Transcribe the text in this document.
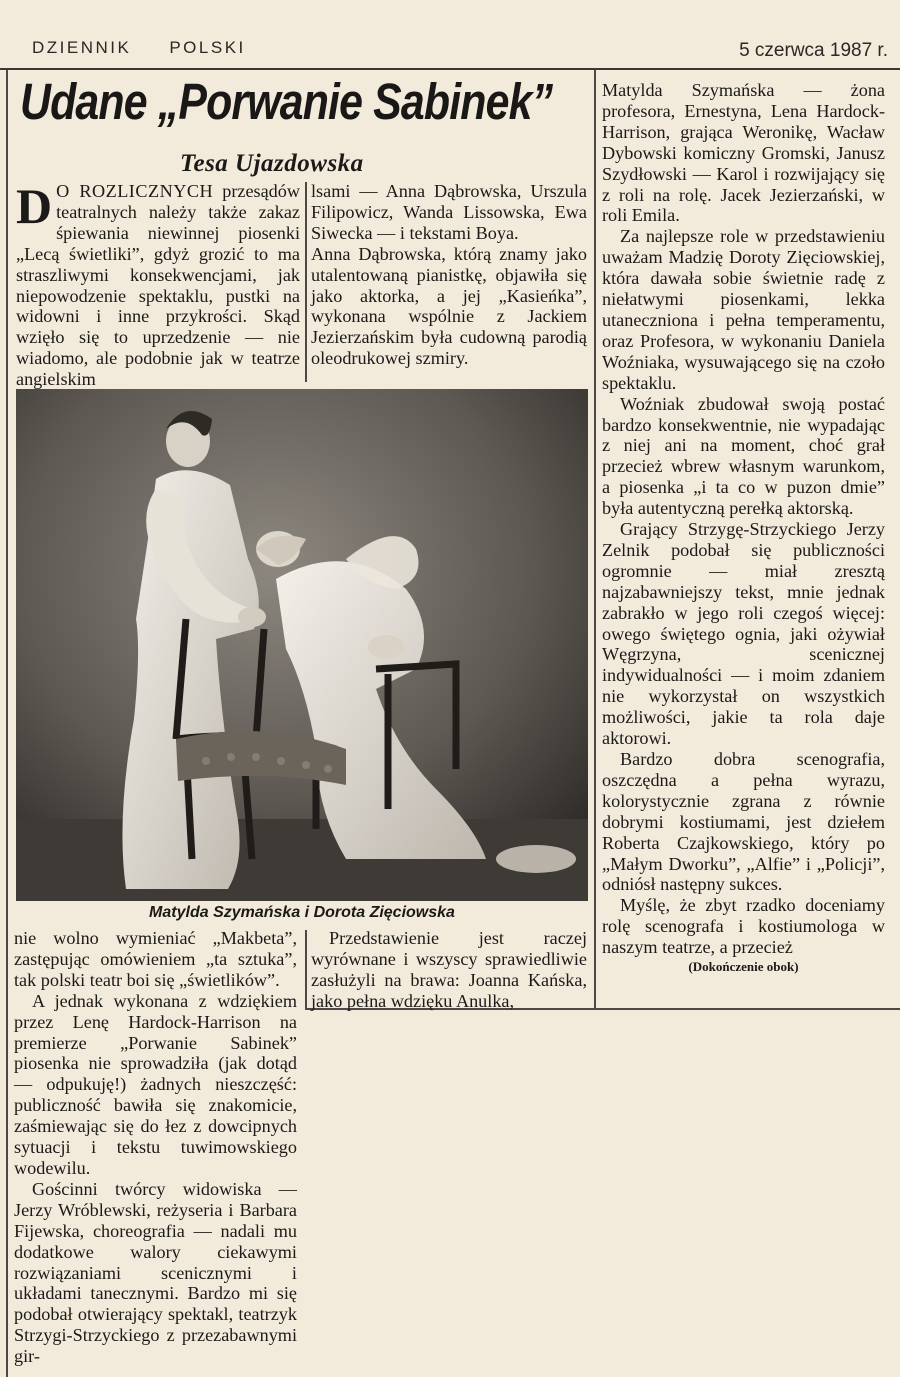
DZIENNIK POLSKI	5 czerwca 1987 r.
Udane „Porwanie Sabinek”
Tesa Ujazdowska

D O ROZLICZNYCH przesądów teatralnych należy także zakaz śpiewania niewinnej piosenki „Lecą świetliki”, gdyż grozić to ma straszliwymi konsekwencjami, jak niepowodzenie spektaklu, pustki na widowni i inne przykrości. Skąd wzięło się to uprzedzenie — nie wiadomo, ale podobnie jak w teatrze angielskim

lsami — Anna Dąbrowska, Urszula Filipowicz, Wanda Lissowska, Ewa Siwecka — i tekstami Boya.

Anna Dąbrowska, którą znamy jako utalentowaną pianistkę, objawiła się jako aktorka, a jej „Kasieńka”, wykonana wspólnie z Jackiem Jezierzańskim była cudowną parodią oleodrukowej szmiry.

Matylda Szymańska i Dorota Zięciowska

nie wolno wymieniać „Makbeta”, zastępując omówieniem „ta sztuka”, tak polski teatr boi się „świetlików”.

A jednak wykonana z wdziękiem przez Lenę Hardock-Harrison na premierze „Porwanie Sabinek” piosenka nie sprowadziła (jak dotąd — odpukuję!) żadnych nieszczęść: publiczność bawiła się znakomicie, zaśmiewając się do łez z dowcipnych sytuacji i tekstu tuwimowskiego wodewilu.

Gościnni twórcy widowiska — Jerzy Wróblewski, reżyseria i Barbara Fijewska, choreografia — nadali mu dodatkowe walory ciekawymi rozwiązaniami scenicznymi i układami tanecznymi. Bardzo mi się podobał otwierający spektakl, teatrzyk Strzygi-Strzyckiego z przezabawnymi gir-

Przedstawienie jest raczej wyrównane i wszyscy sprawiedliwie zasłużyli na brawa: Joanna Kańska, jako pełna wdzięku Anulka,

Matylda Szymańska — żona profesora, Ernestyna, Lena Hardock-Harrison, grająca Weronikę, Wacław Dybowski komiczny Gromski, Janusz Szydłowski — Karol i rozwijający się z roli na rolę. Jacek Jezierzański, w roli Emila.

Za najlepsze role w przedstawieniu uważam Madzię Doroty Zięciowskiej, która dawała sobie świetnie radę z niełatwymi piosenkami, lekka utaneczniona i pełna temperamentu, oraz Profesora, w wykonaniu Daniela Woźniaka, wysuwającego się na czoło spektaklu.

Woźniak zbudował swoją postać bardzo konsekwentnie, nie wypadając z niej ani na moment, choć grał przecież wbrew własnym warunkom, a piosenka „i ta co w puzon dmie” była autentyczną perełką aktorską.

Grający Strzygę-Strzyckiego Jerzy Zelnik podobał się publiczności ogromnie — miał zresztą najzabawniejszy tekst, mnie jednak zabrakło w jego roli czegoś więcej: owego świętego ognia, jaki ożywiał Węgrzyna, scenicznej indywidualności — i moim zdaniem nie wykorzystał on wszystkich możliwości, jakie ta rola daje aktorowi.

Bardzo dobra scenografia, oszczędna a pełna wyrazu, kolorystycznie zgrana z równie dobrymi kostiumami, jest dziełem Roberta Czajkowskiego, który po „Małym Dworku”, „Alfie” i „Policji”, odniósł następny sukces.

Myślę, że zbyt rzadko doceniamy rolę scenografa i kostiumologa w naszym teatrze, a przecież

(Dokończenie obok)
